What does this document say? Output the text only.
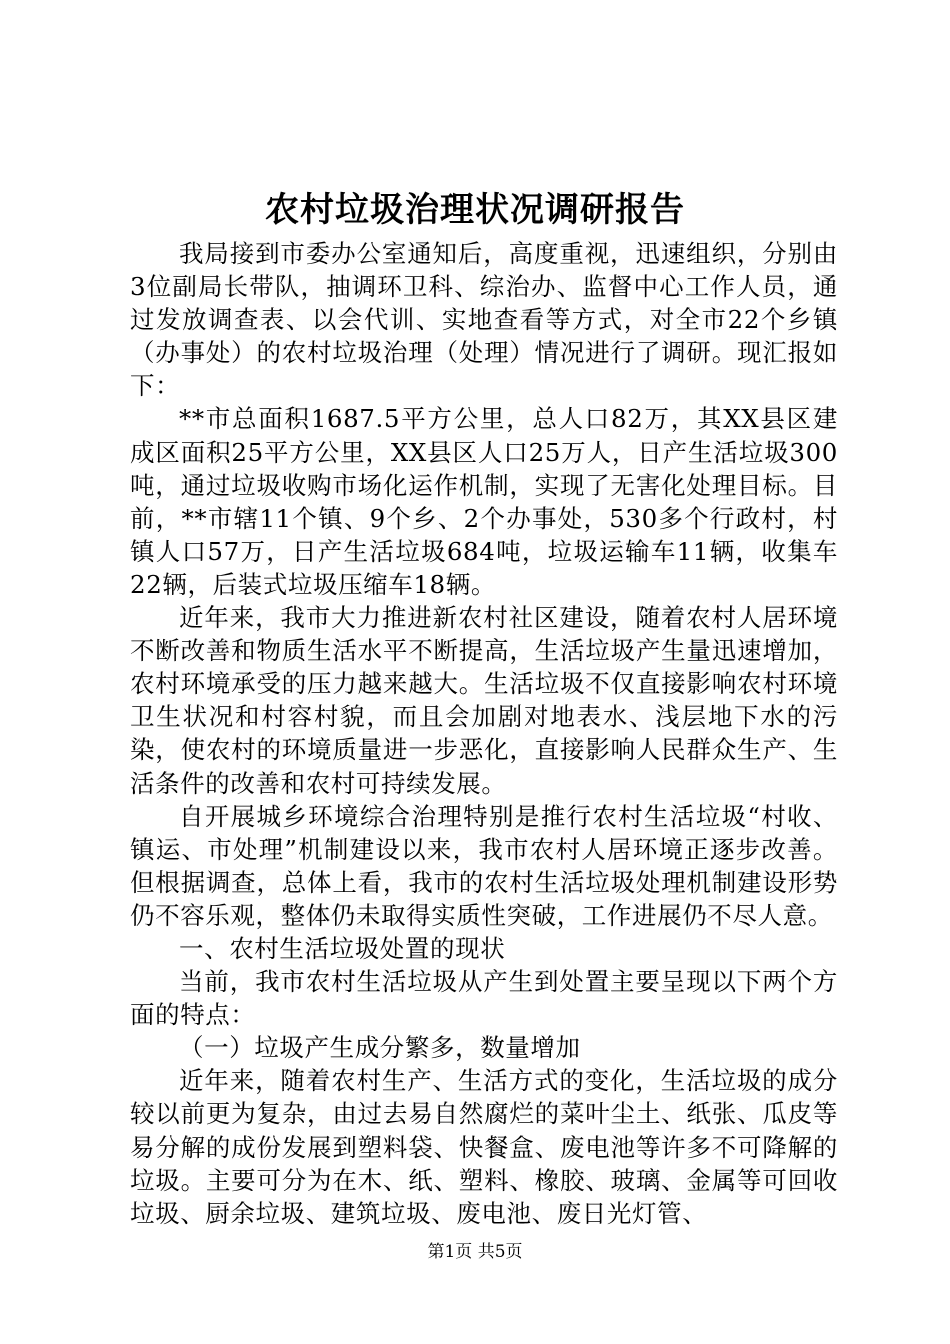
农村垃圾治理状况调研报告

我局接到市委办公室通知后，高度重视，迅速组织，分别由3位副局长带队，抽调环卫科、综治办、监督中心工作人员，通过发放调查表、以会代训、实地查看等方式，对全市22个乡镇（办事处）的农村垃圾治理（处理）情况进行了调研。现汇报如下：

**市总面积1687.5平方公里，总人口82万，其XX县区建成区面积25平方公里，XX县区人口25万人，日产生活垃圾300吨，通过垃圾收购市场化运作机制，实现了无害化处理目标。目前，**市辖11个镇、9个乡、2个办事处，530多个行政村，村镇人口57万，日产生活垃圾684吨，垃圾运输车11辆，收集车22辆，后装式垃圾压缩车18辆。

近年来，我市大力推进新农村社区建设，随着农村人居环境不断改善和物质生活水平不断提高，生活垃圾产生量迅速增加，农村环境承受的压力越来越大。生活垃圾不仅直接影响农村环境卫生状况和村容村貌，而且会加剧对地表水、浅层地下水的污染，使农村的环境质量进一步恶化，直接影响人民群众生产、生活条件的改善和农村可持续发展。

自开展城乡环境综合治理特别是推行农村生活垃圾“村收、镇运、市处理”机制建设以来，我市农村人居环境正逐步改善。但根据调查，总体上看，我市的农村生活垃圾处理机制建设形势仍不容乐观，整体仍未取得实质性突破，工作进展仍不尽人意。

一、农村生活垃圾处置的现状

当前，我市农村生活垃圾从产生到处置主要呈现以下两个方面的特点：

（一）垃圾产生成分繁多，数量增加

近年来，随着农村生产、生活方式的变化，生活垃圾的成分较以前更为复杂，由过去易自然腐烂的菜叶尘土、纸张、瓜皮等易分解的成份发展到塑料袋、快餐盒、废电池等许多不可降解的垃圾。主要可分为在木、纸、塑料、橡胶、玻璃、金属等可回收垃圾、厨余垃圾、建筑垃圾、废电池、废日光灯管、

第1页 共5页
